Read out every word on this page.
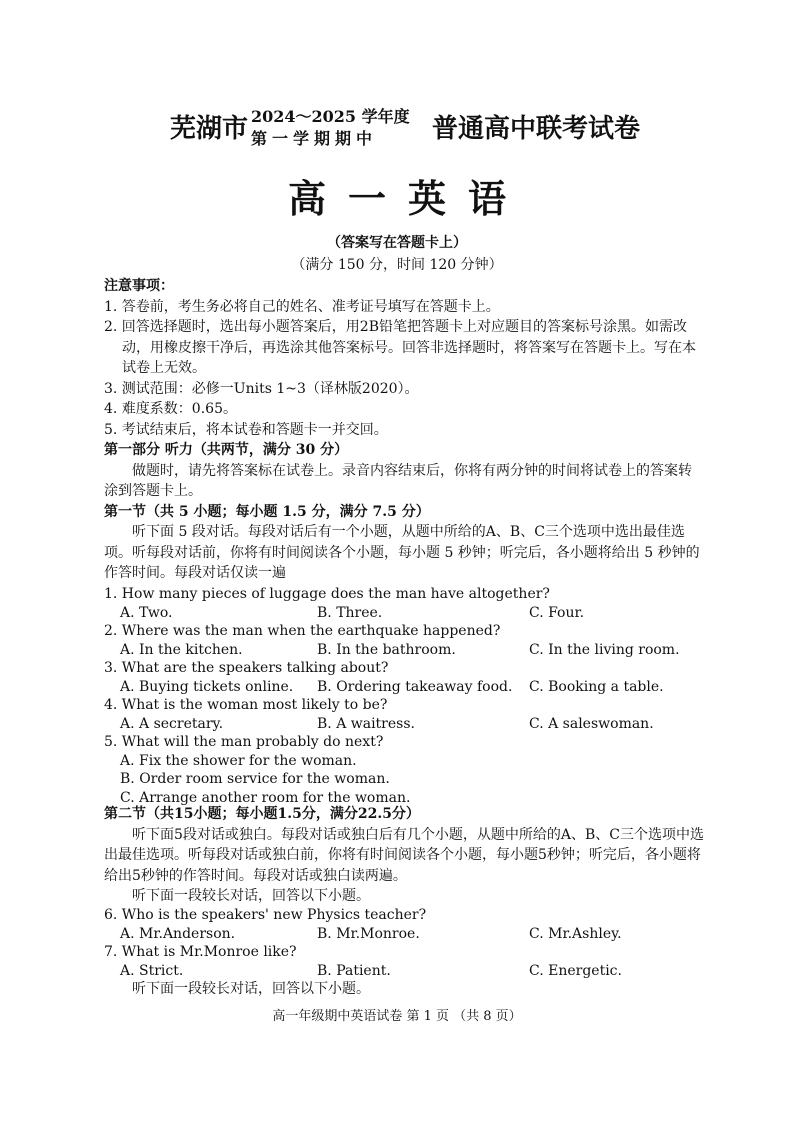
芜湖市 2024～2025 学年度
第一学期期中 普通高中联考试卷
高一英语
（答案写在答题卡上）
（满分 150 分，时间 120 分钟）

注意事项：

1. 答卷前，考生务必将自己的姓名、准考证号填写在答题卡上。

2. 回答选择题时，选出每小题答案后，用2B铅笔把答题卡上对应题目的答案标号涂黑。如需改动，用橡皮擦干净后，再选涂其他答案标号。回答非选择题时，将答案写在答题卡上。写在本试卷上无效。

3. 测试范围：必修一Units 1~3（译林版2020）。

4. 难度系数：0.65。

5. 考试结束后，将本试卷和答题卡一并交回。

第一部分 听力（共两节，满分 30 分）

做题时，请先将答案标在试卷上。录音内容结束后，你将有两分钟的时间将试卷上的答案转涂到答题卡上。

第一节（共 5 小题；每小题 1.5 分，满分 7.5 分）

听下面 5 段对话。每段对话后有一个小题，从题中所给的A、B、C三个选项中选出最佳选项。听每段对话前，你将有时间阅读各个小题，每小题 5 秒钟；听完后，各小题将给出 5 秒钟的作答时间。每段对话仅读一遍

1. How many pieces of luggage does the man have altogether?
A. Two.	B. Three.	C. Four.
2. Where was the man when the earthquake happened?
A. In the kitchen.	B. In the bathroom.	C. In the living room.
3. What are the speakers talking about?
A. Buying tickets online. B. Ordering takeaway food. C. Booking a table.
4. What is the woman most likely to be?
A. A secretary.	B. A waitress.	C. A saleswoman.
5. What will the man probably do next?
A. Fix the shower for the woman.
B. Order room service for the woman.
C. Arrange another room for the woman.

第二节（共15小题；每小题1.5分，满分22.5分）

听下面5段对话或独白。每段对话或独白后有几个小题，从题中所给的A、B、C三个选项中选出最佳选项。听每段对话或独白前，你将有时间阅读各个小题，每小题5秒钟；听完后，各小题将给出5秒钟的作答时间。每段对话或独白读两遍。

听下面一段较长对话，回答以下小题。

6. Who is the speakers' new Physics teacher?
A. Mr.Anderson.	B. Mr.Monroe.	C. Mr.Ashley.
7. What is Mr.Monroe like?
A. Strict.	B. Patient.	C. Energetic.
听下面一段较长对话，回答以下小题。
高一年级期中英语试卷 第 1 页 （共 8 页）
